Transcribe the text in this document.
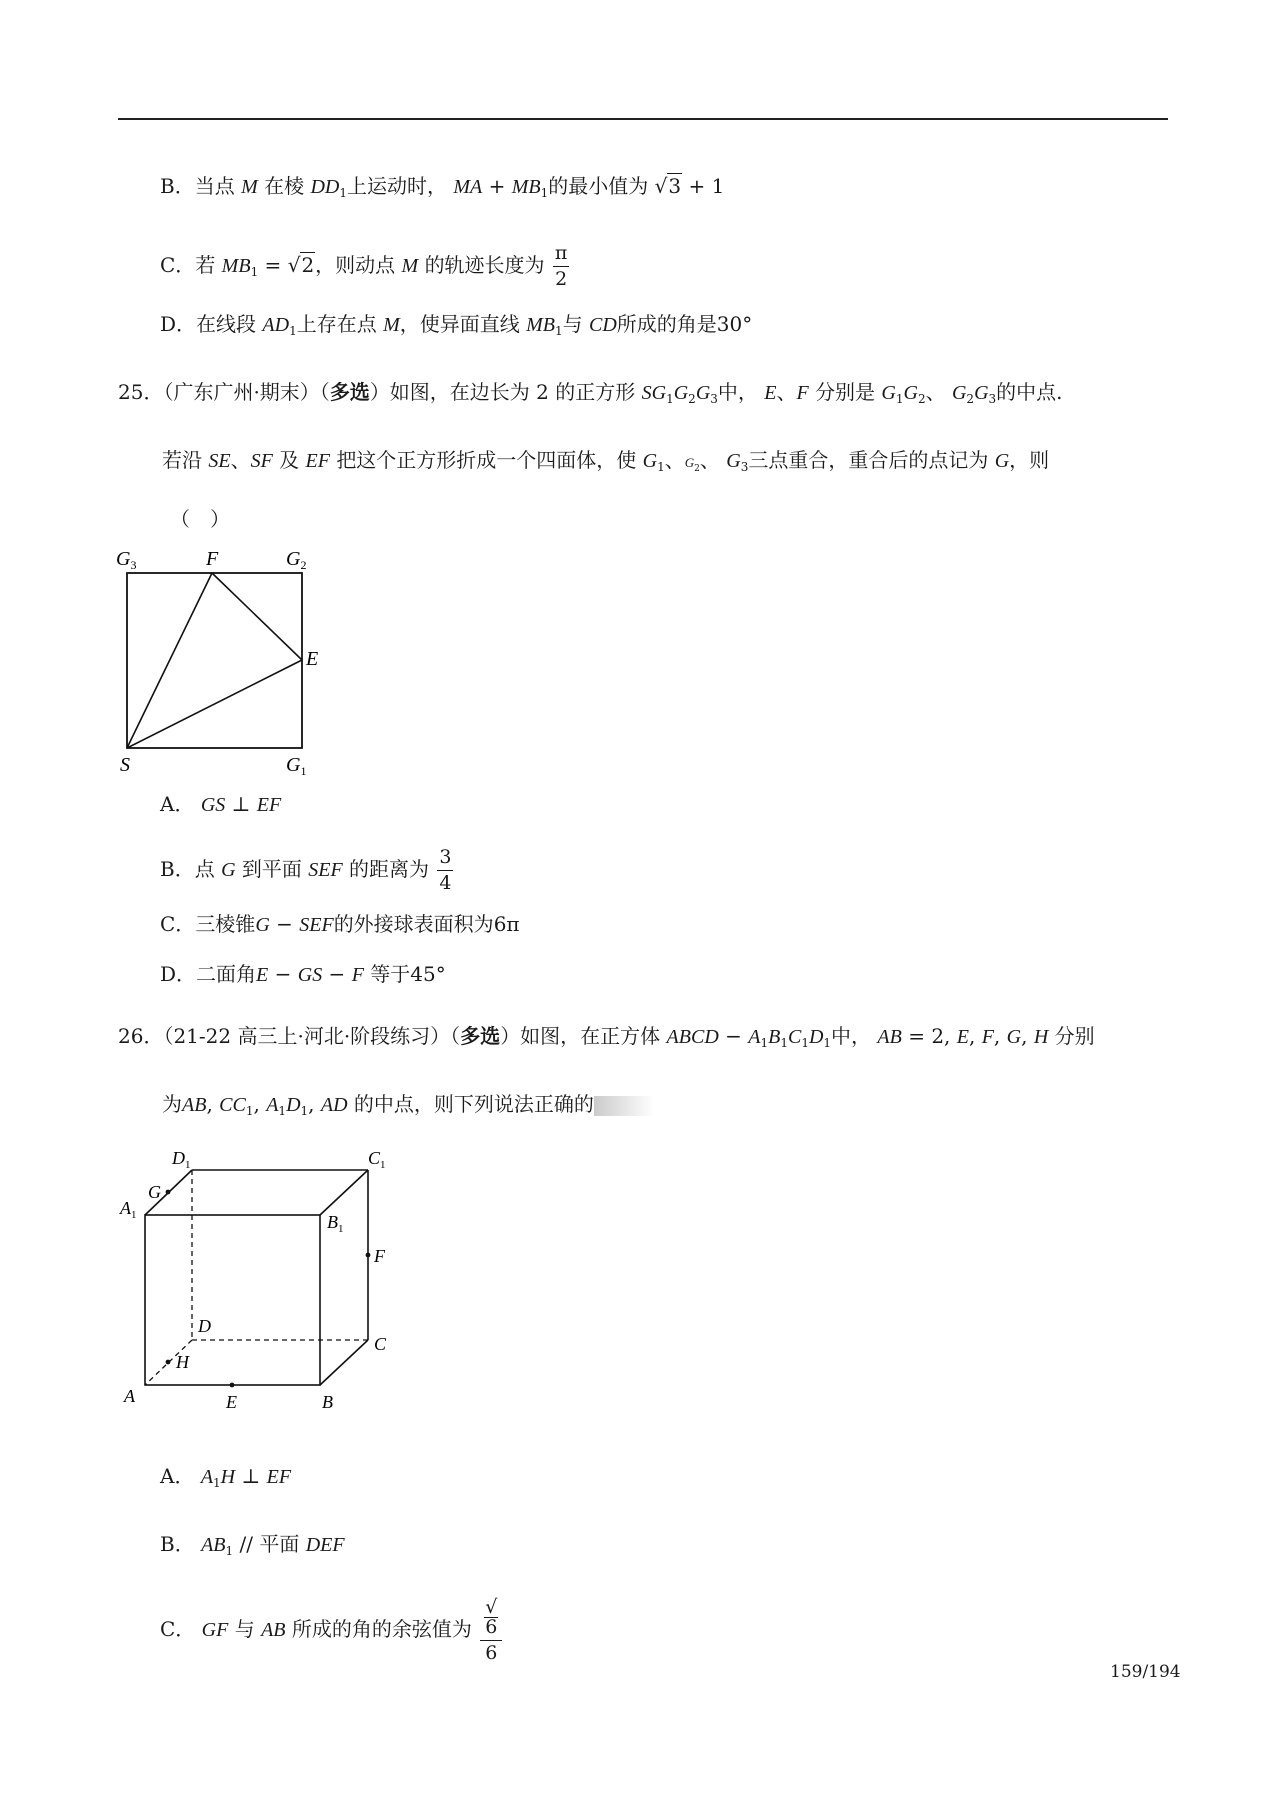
B．当点 M 在棱 $DD_1$上运动时， MA + $MB_1$的最小值为 √3 + 1
C．若 $MB_1 = √2$，则动点 M 的轨迹长度为 $\frac{\pi}{2}$
D．在线段 $AD_1$上存在点 M，使异面直线 $MB_1$与 CD所成的角是30°
25．（广东广州·期末）（多选）如图，在边长为 2 的正方形 $SG_1G_2G_3$中， E、F 分别是 $G_1G_2$、 $G_2G_3$的中点.
若沿 SE、SF 及 EF 把这个正方形折成一个四面体，使 $G_1$、$G_2$、 $G_3$三点重合，重合后的点记为 G，则
（　）
$G_3$	F	$G_2$
E
S	$G_1$
A． GS ⊥ EF
B．点 G 到平面 SEF 的距离为 $\frac{3}{4}$
C．三棱锥G − SEF的外接球表面积为6π
D．二面角E − GS − F 等于45°
26．（21-22 高三上·河北·阶段练习）（多选）如图，在正方体 ABCD − $A_1B_1C_1D_1$中， AB = 2, E, F, G, H 分别
为AB, $CC_1$, $A_1D_1$, AD 的中点，则下列说法正确的
$D_1$	$C_1$
G
$A_1$	$B_1$
F
D
C
H
A	E	B
A． $A_1H$ ⊥ EF
B． $AB_1$ // 平面 DEF
C． GF 与 AB 所成的角的余弦值为 √
6
6
159/194
